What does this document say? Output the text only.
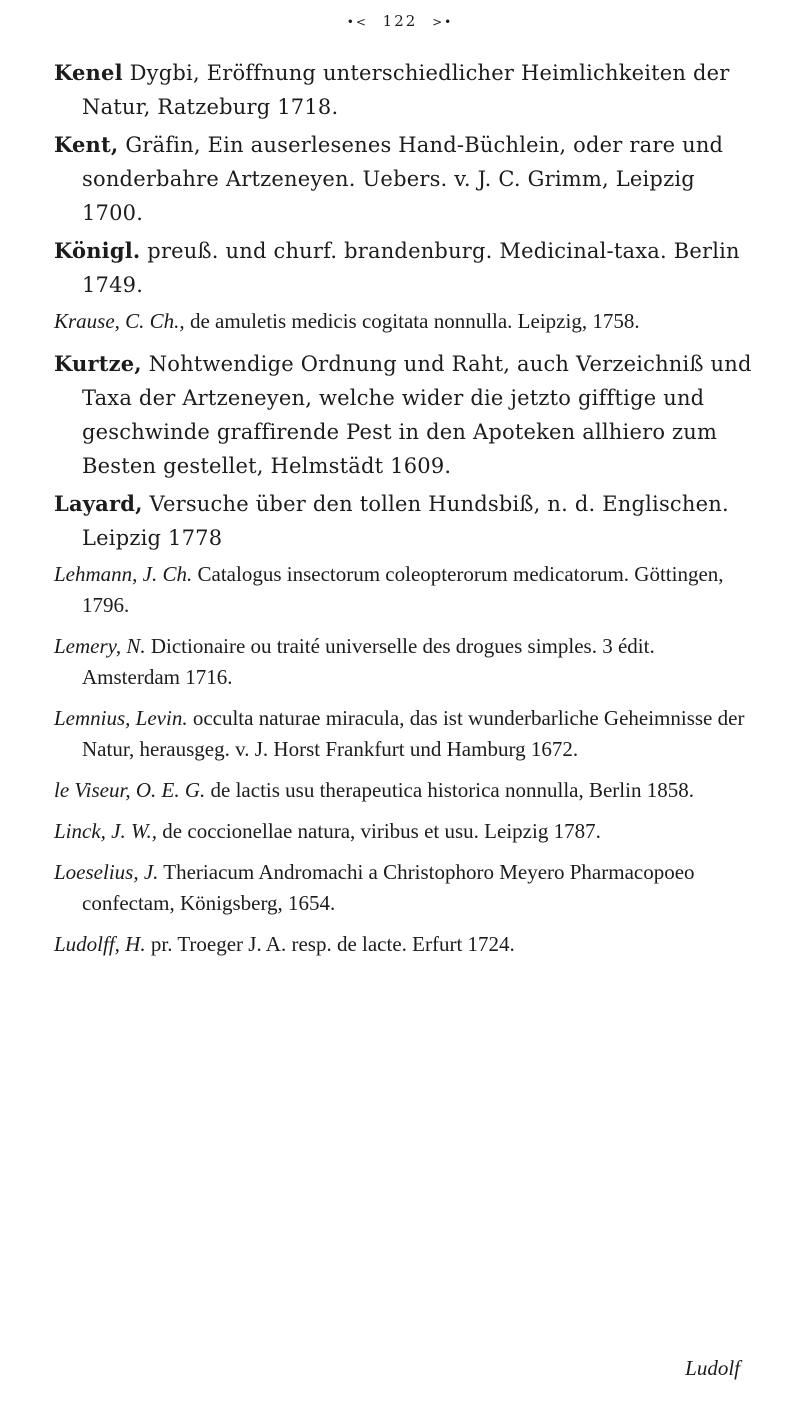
•< 122 >•

Kenel Dygbi, Eröffnung unterschiedlicher Heimlichkeiten der Natur, Ratzeburg 1718.

Kent, Gräfin, Ein auserlesenes Hand-Büchlein, oder rare und sonderbahre Artzeneyen. Uebers. v. J. C. Grimm, Leipzig 1700.

Königl. preuß. und churf. brandenburg. Medicinal-taxa. Berlin 1749.

Krause, C. Ch., de amuletis medicis cogitata nonnulla. Leipzig, 1758.

Kurtze, Nohtwendige Ordnung und Raht, auch Verzeichniß und Taxa der Artzeneyen, welche wider die jetzto gifftige und geschwinde graffirende Pest in den Apoteken allhiero zum Besten gestellet, Helmstädt 1609.

Layard, Versuche über den tollen Hundsbiß, n. d. Englischen. Leipzig 1778

Lehmann, J. Ch. Catalogus insectorum coleopterorum medicatorum. Göttingen, 1796.

Lemery, N. Dictionaire ou traité universelle des drogues simples. 3 édit. Amsterdam 1716.

Lemnius, Levin. occulta naturae miracula, das ist wunderbarliche Geheimnisse der Natur, herausgeg. v. J. Horst Frankfurt und Hamburg 1672.

le Viseur, O. E. G. de lactis usu therapeutica historica nonnulla, Berlin 1858.

Linck, J. W., de coccionellae natura, viribus et usu. Leipzig 1787.

Loeselius, J. Theriacum Andromachi a Christophoro Meyero Pharmacopoeo confectam, Königsberg, 1654.

Ludolff, H. pr. Troeger J. A. resp. de lacte. Erfurt 1724.

Ludolf
